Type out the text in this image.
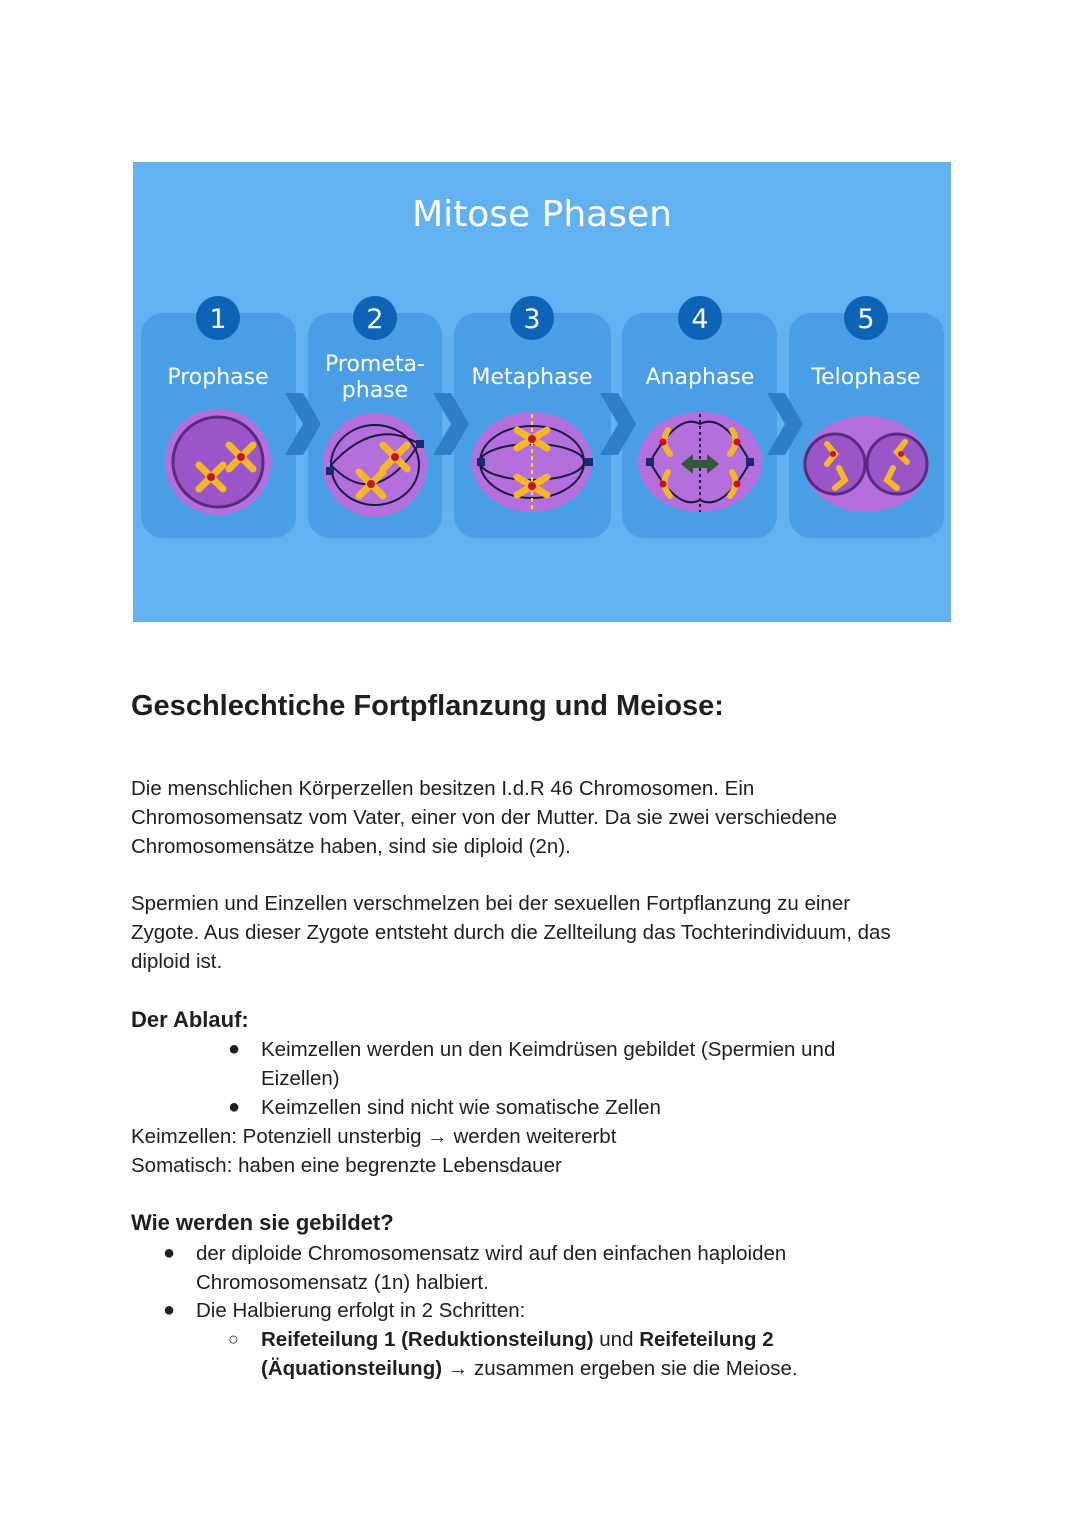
Mitose Phasen
1	2	3	4	5
Prophase
Prometa-
phase
Metaphase Anaphase	Telophase
Geschlechtiche Fortpflanzung und Meiose:

Die menschlichen Körperzellen besitzen I.d.R 46 Chromosomen. Ein
Chromosomensatz vom Vater, einer von der Mutter. Da sie zwei verschiedene
Chromosomensätze haben, sind sie diploid (2n).

Spermien und Einzellen verschmelzen bei der sexuellen Fortpflanzung zu einer
Zygote. Aus dieser Zygote entsteht durch die Zellteilung das Tochterindividuum, das
diploid ist.

Der Ablauf:
● Keimzellen werden un den Keimdrüsen gebildet (Spermien und
Eizellen)

● Keimzellen sind nicht wie somatische Zellen

Keimzellen: Potenziell unsterbig → werden weitererbt

Somatisch: haben eine begrenzte Lebensdauer

Wie werden sie gebildet?
● der diploide Chromosomensatz wird auf den einfachen haploiden
Chromosomensatz (1n) halbiert.

● Die Halbierung erfolgt in 2 Schritten:

○ Reifeteilung 1 (Reduktionsteilung) und Reifeteilung 2
(Äquationsteilung) → zusammen ergeben sie die Meiose.
